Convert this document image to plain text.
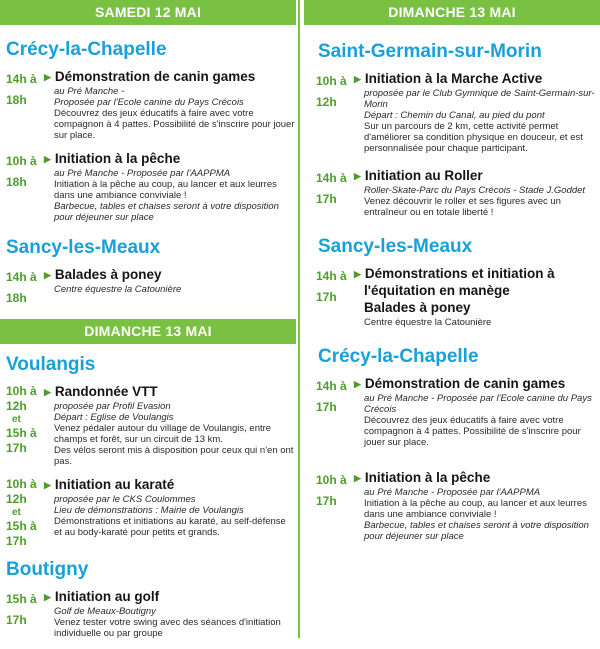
SAMEDI 12 MAI
Crécy-la-Chapelle
14h à
18h
▶ Démonstration de canin games
au Pré Manche -
Proposée par l'Ecole canine du Pays Crécois
Découvrez des jeux éducatifs à faire avec votre compagnon à 4 pattes. Possibilité de s'inscrire pour jouer sur place.
10h à
18h
▶ Initiation à la pêche
au Pré Manche - Proposée par l'AAPPMA
Initiation à la pêche au coup, au lancer et aux leurres dans une ambiance conviviale !
Barbecue, tables et chaises seront à votre disposition pour déjeuner sur place
Sancy-les-Meaux
14h à
18h
▶ Balades à poney
Centre équestre la Catounière
DIMANCHE 13 MAI
Voulangis
10h à
12h
et
15h à
17h
▶ Randonnée VTT
proposée par Profil Evasion
Départ : Eglise de Voulangis
Venez pédaler autour du village de Voulangis, entre champs et forêt, sur un circuit de 13 km.
Des vélos seront mis à disposition pour ceux qui n'en ont pas.
10h à
12h
et
15h à
17h
▶ Initiation au karaté
proposée par le CKS Coulommes
Lieu de démonstrations : Mairie de Voulangis
Démonstrations et initiations au karaté, au self-défense et au body-karaté pour petits et grands.
Boutigny
15h à
17h
▶ Initiation au golf
Golf de Meaux-Boutigny
Venez tester votre swing avec des séances d'initiation individuelle ou par groupe
DIMANCHE 13 MAI
Saint-Germain-sur-Morin
10h à
12h
▶ Initiation à la Marche Active
proposée par le Club Gymnique de Saint-Germain-sur-Morin
Départ : Chemin du Canal, au pied du pont
Sur un parcours de 2 km, cette activité permet d'améliorer sa condition physique en douceur, et est personnalisée pour chaque participant.
14h à
17h
▶ Initiation au Roller
Roller-Skate-Parc du Pays Crécois - Stade J.Goddet
Venez découvrir le roller et ses figures avec un entraîneur ou en totale liberté !
Sancy-les-Meaux
14h à
17h
▶ Démonstrations et initiation à
l'équitation en manège
Balades à poney
Centre équestre la Catounière
Crécy-la-Chapelle
14h à
17h
▶ Démonstration de canin games
au Pré Manche - Proposée par l'Ecole canine du Pays Crécois
Découvrez des jeux éducatifs à faire avec votre compagnon à 4 pattes. Possibilité de s'inscrire pour jouer sur place.
10h à
17h
▶ Initiation à la pêche
au Pré Manche - Proposée par l'AAPPMA
Initiation à la pêche au coup, au lancer et aux leurres dans une ambiance conviviale !
Barbecue, tables et chaises seront à votre disposition pour déjeuner sur place
